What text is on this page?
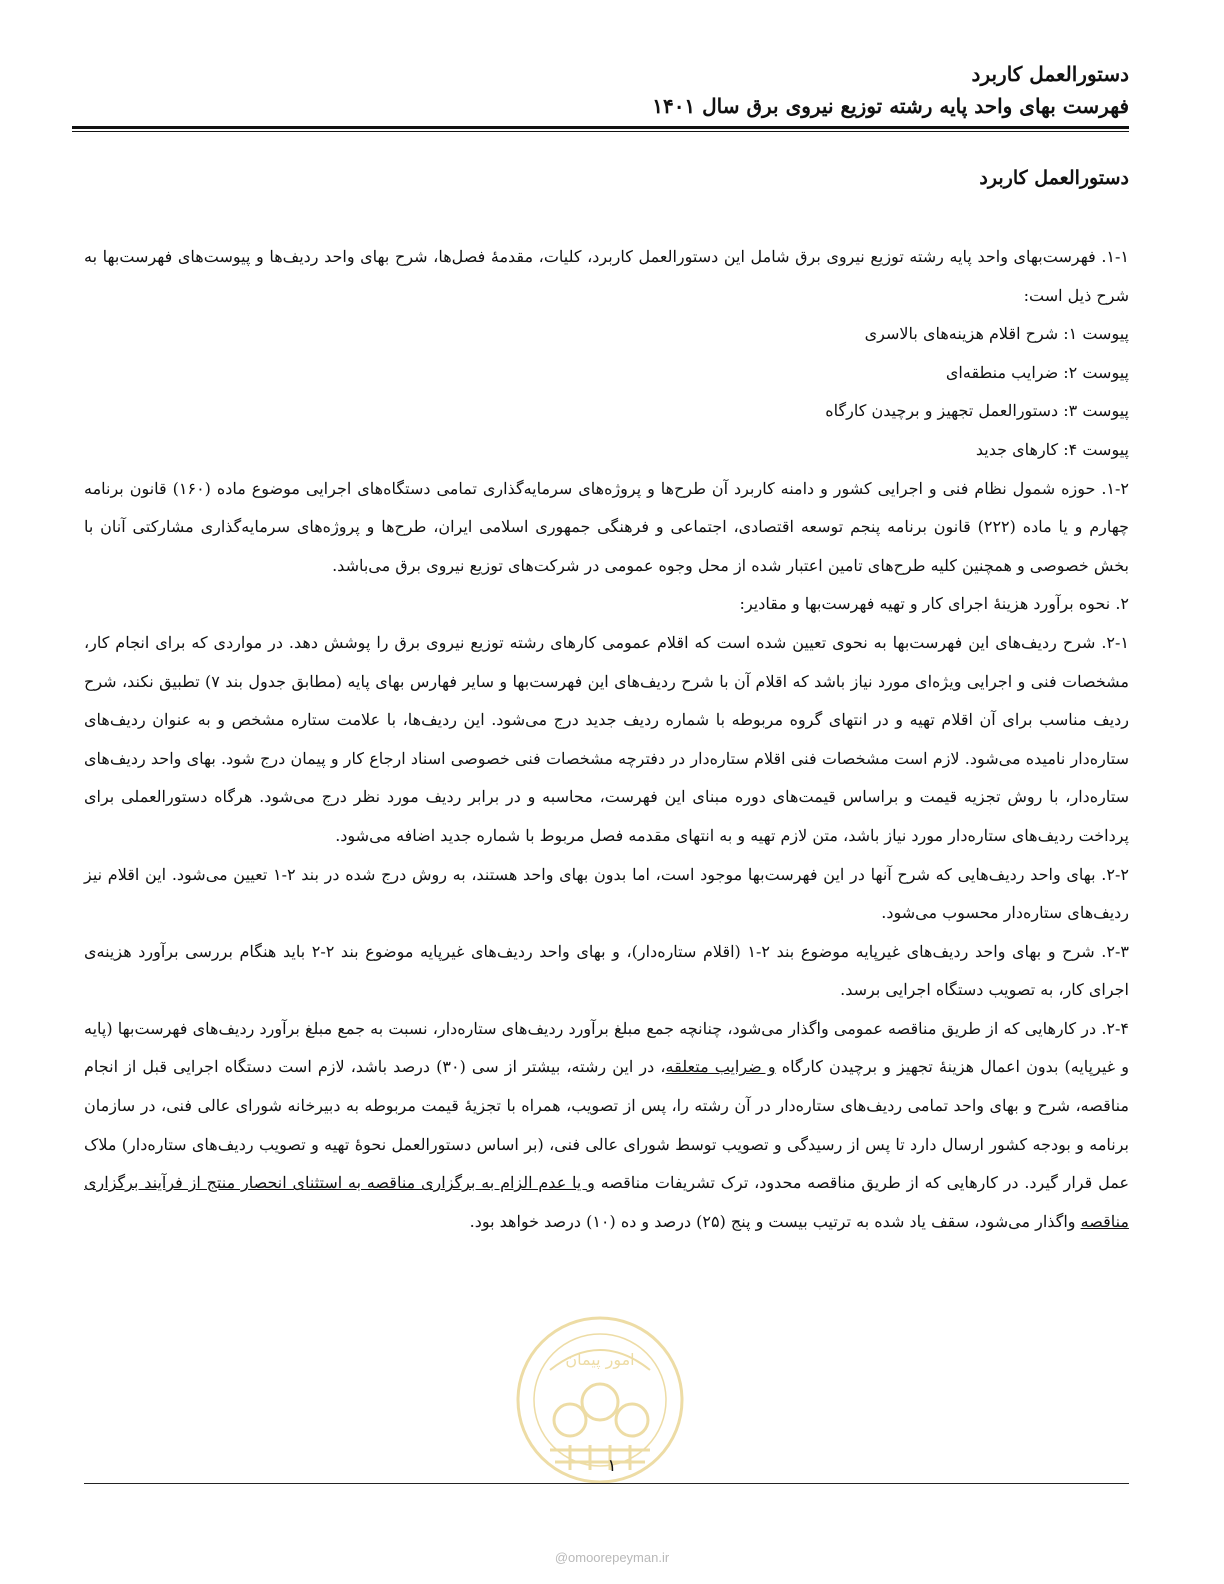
دستورالعمل کاربرد
فهرست بهای واحد پایه رشته توزیع نیروی برق سال ۱۴۰۱
دستورالعمل کاربرد

۱-۱. فهرست‌بهای واحد پایه رشته توزیع نیروی برق شامل این دستورالعمل کاربرد، کلیات، مقدمهٔ فصل‌ها، شرح بهای واحد ردیف‌ها و پیوست‌های فهرست‌بها به شرح ذیل است:

پیوست ۱: شرح اقلام هزینه‌های بالاسری

پیوست ۲: ضرایب منطقه‌ای

پیوست ۳: دستورالعمل تجهیز و برچیدن کارگاه

پیوست ۴: کارهای جدید

۱-۲. حوزه شمول نظام فنی و اجرایی کشور و دامنه کاربرد آن طرح‌ها و پروژه‌های سرمایه‌گذاری تمامی دستگاه‌های اجرایی موضوع ماده (۱۶۰) قانون برنامه چهارم و یا ماده (۲۲۲) قانون برنامه پنجم توسعه اقتصادی، اجتماعی و فرهنگی جمهوری اسلامی ایران، طرح‌ها و پروژه‌های سرمایه‌گذاری مشارکتی آنان با بخش خصوصی و همچنین کلیه طرح‌های تامین اعتبار شده از محل وجوه عمومی در شرکت‌های توزیع نیروی برق می‌باشد.

۲. نحوه برآورد هزینهٔ اجرای کار و تهیه فهرست‌بها و مقادیر:

۲-۱. شرح ردیف‌های این فهرست‌بها به نحوی تعیین شده است که اقلام عمومی کارهای رشته توزیع نیروی برق را پوشش دهد. در مواردی که برای انجام کار، مشخصات فنی و اجرایی ویژه‌ای مورد نیاز باشد که اقلام آن با شرح ردیف‌های این فهرست‌بها و سایر فهارس بهای پایه (مطابق جدول بند ۷) تطبیق نکند، شرح ردیف مناسب برای آن اقلام تهیه و در انتهای گروه مربوطه با شماره ردیف جدید درج می‌شود. این ردیف‌ها، با علامت ستاره مشخص و به عنوان ردیف‌های ستاره‌دار نامیده می‌شود. لازم است مشخصات فنی اقلام ستاره‌دار در دفترچه مشخصات فنی خصوصی اسناد ارجاع کار و پیمان درج شود. بهای واحد ردیف‌های ستاره‌دار، با روش تجزیه قیمت و براساس قیمت‌های دوره مبنای این فهرست، محاسبه و در برابر ردیف مورد نظر درج می‌شود. هرگاه دستورالعملی برای پرداخت ردیف‌های ستاره‌دار مورد نیاز باشد، متن لازم تهیه و به انتهای مقدمه فصل مربوط با شماره جدید اضافه می‌شود.

۲-۲. بهای واحد ردیف‌هایی که شرح آنها در این فهرست‌بها موجود است، اما بدون بهای واحد هستند، به روش درج شده در بند ۲-۱ تعیین می‌شود. این اقلام نیز ردیف‌های ستاره‌دار محسوب می‌شود.

۲-۳. شرح و بهای واحد ردیف‌های غیرپایه موضوع بند ۲-۱ (اقلام ستاره‌دار)، و بهای واحد ردیف‌های غیرپایه موضوع بند ۲-۲ باید هنگام بررسی برآورد هزینه‌ی اجرای کار، به تصویب دستگاه اجرایی برسد.

۲-۴. در کارهایی که از طریق مناقصه عمومی واگذار می‌شود، چنانچه جمع مبلغ برآورد ردیف‌های ستاره‌دار، نسبت به جمع مبلغ برآورد ردیف‌های فهرست‌بها (پایه و غیرپایه) بدون اعمال هزینهٔ تجهیز و برچیدن کارگاه و ضرایب متعلقه، در این رشته، بیشتر از سی (۳۰) درصد باشد، لازم است دستگاه اجرایی قبل از انجام مناقصه، شرح و بهای واحد تمامی ردیف‌های ستاره‌دار در آن رشته را، پس از تصویب، همراه با تجزیهٔ قیمت مربوطه به دبیرخانه شورای عالی فنی، در سازمان برنامه و بودجه کشور ارسال دارد تا پس از رسیدگی و تصویب توسط شورای عالی فنی، (بر اساس دستورالعمل نحوهٔ تهیه و تصویب ردیف‌های ستاره‌دار) ملاک عمل قرار گیرد. در کارهایی که از طریق مناقصه محدود، ترک تشریفات مناقصه و یا عدم الزام به برگزاری مناقصه به استثنای انحصار منتج از فرآیند برگزاری مناقصه واگذار می‌شود، سقف یاد شده به ترتیب بیست و پنج (۲۵) درصد و ده (۱۰) درصد خواهد بود.

امور پیمان
۱
@omoorepeyman.ir
